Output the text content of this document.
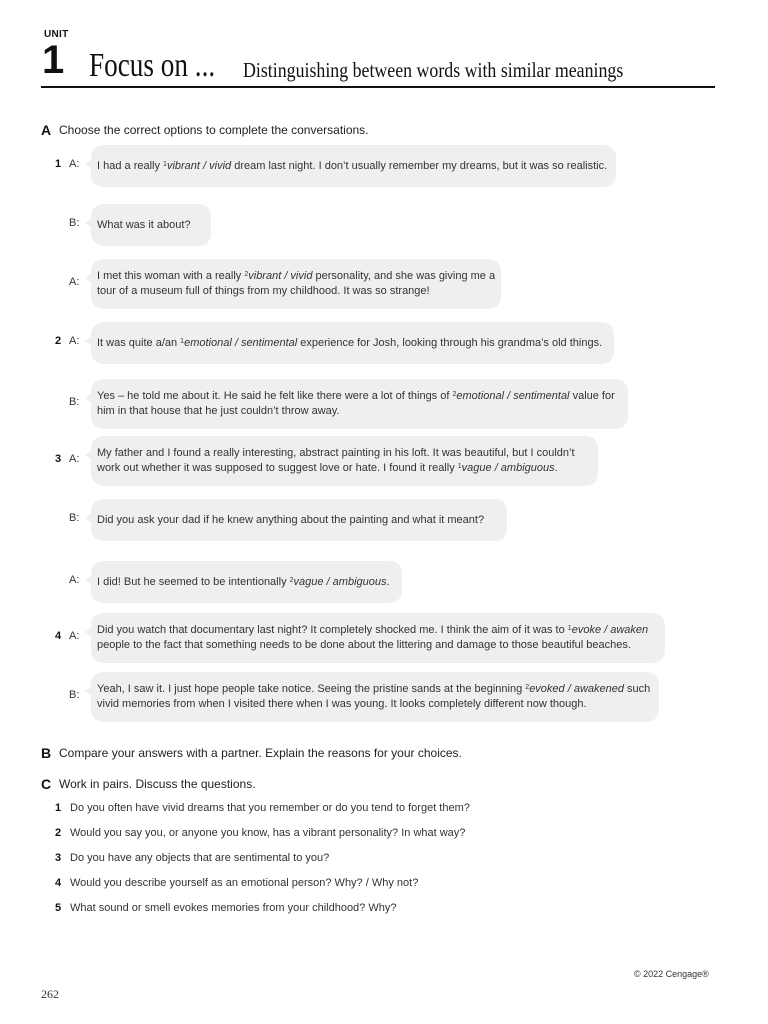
UNIT
1 Focus on ... Distinguishing between words with similar meanings
A Choose the correct options to complete the conversations.
1 A: I had a really $^1$vibrant / vivid dream last night. I don’t usually remember my dreams, but it was so realistic.
B: What was it about?
A: I met this woman with a really $^2$vibrant / vivid personality, and she was giving me a
tour of a museum full of things from my childhood. It was so strange!
2 A: It was quite a/an $^1$emotional / sentimental experience for Josh, looking through his grandma’s old things.
B: Yes – he told me about it. He said he felt like there were a lot of things of $^2$emotional / sentimental value for
him in that house that he just couldn’t throw away.
3 A: My father and I found a really interesting, abstract painting in his loft. It was beautiful, but I couldn’t
work out whether it was supposed to suggest love or hate. I found it really $^1$vague / ambiguous.
B: Did you ask your dad if he knew anything about the painting and what it meant?
A: I did! But he seemed to be intentionally $^2$vague / ambiguous.
4 A: Did you watch that documentary last night? It completely shocked me. I think the aim of it was to $^1$evoke / awaken
people to the fact that something needs to be done about the littering and damage to those beautiful beaches.
B: Yeah, I saw it. I just hope people take notice. Seeing the pristine sands at the beginning $^2$evoked / awakened such
vivid memories from when I visited there when I was young. It looks completely different now though.
B Compare your answers with a partner. Explain the reasons for your choices.
C Work in pairs. Discuss the questions.
1 Do you often have vivid dreams that you remember or do you tend to forget them?
2 Would you say you, or anyone you know, has a vibrant personality? In what way?
3 Do you have any objects that are sentimental to you?
4 Would you describe yourself as an emotional person? Why? / Why not?
5 What sound or smell evokes memories from your childhood? Why?
© 2022 Cengage®
262
